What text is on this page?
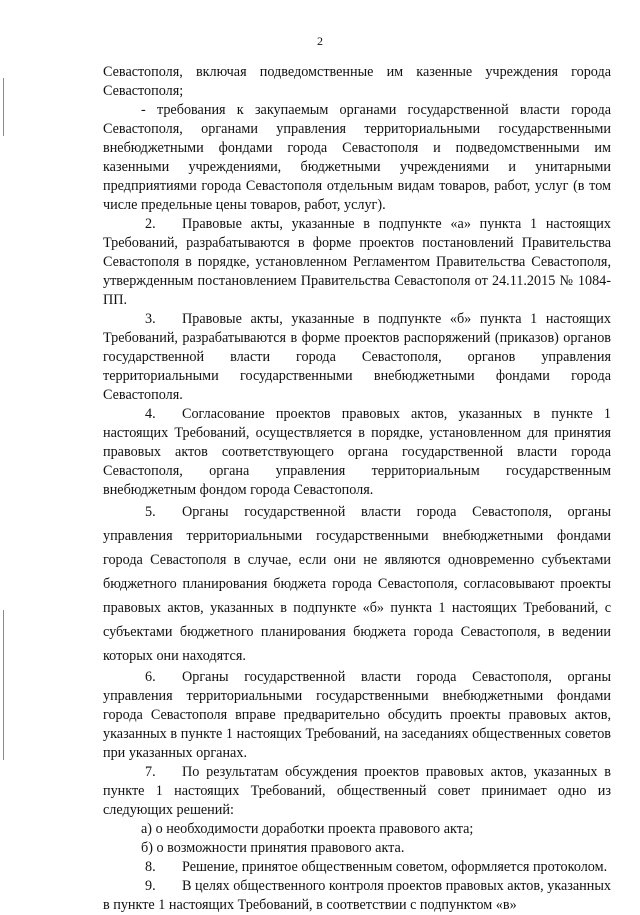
2

Севастополя, включая подведомственные им казенные учреждения города Севастополя;

- требования к закупаемым органами государственной власти города Севастополя, органами управления территориальными государственными внебюджетными фондами города Севастополя и подведомственными им казенными учреждениями, бюджетными учреждениями и унитарными предприятиями города Севастополя отдельным видам товаров, работ, услуг (в том числе предельные цены товаров, работ, услуг).

2. Правовые акты, указанные в подпункте «а» пункта 1 настоящих Требований, разрабатываются в форме проектов постановлений Правительства Севастополя в порядке, установленном Регламентом Правительства Севастополя, утвержденным постановлением Правительства Севастополя от 24.11.2015 № 1084-ПП.

3. Правовые акты, указанные в подпункте «б» пункта 1 настоящих Требований, разрабатываются в форме проектов распоряжений (приказов) органов государственной власти города Севастополя, органов управления территориальными государственными внебюджетными фондами города Севастополя.

4. Согласование проектов правовых актов, указанных в пункте 1 настоящих Требований, осуществляется в порядке, установленном для принятия правовых актов соответствующего органа государственной власти города Севастополя, органа управления территориальным государственным внебюджетным фондом города Севастополя.

5. Органы государственной власти города Севастополя, органы управления территориальными государственными внебюджетными фондами города Севастополя в случае, если они не являются одновременно субъектами бюджетного планирования бюджета города Севастополя, согласовывают проекты правовых актов, указанных в подпункте «б» пункта 1 настоящих Требований, с субъектами бюджетного планирования бюджета города Севастополя, в ведении которых они находятся.

6. Органы государственной власти города Севастополя, органы управления территориальными государственными внебюджетными фондами города Севастополя вправе предварительно обсудить проекты правовых актов, указанных в пункте 1 настоящих Требований, на заседаниях общественных советов при указанных органах.

7. По результатам обсуждения проектов правовых актов, указанных в пункте 1 настоящих Требований, общественный совет принимает одно из следующих решений:

а) о необходимости доработки проекта правового акта;

б) о возможности принятия правового акта.

8. Решение, принятое общественным советом, оформляется протоколом.

9. В целях общественного контроля проектов правовых актов, указанных в пункте 1 настоящих Требований, в соответствии с подпунктом «в»
